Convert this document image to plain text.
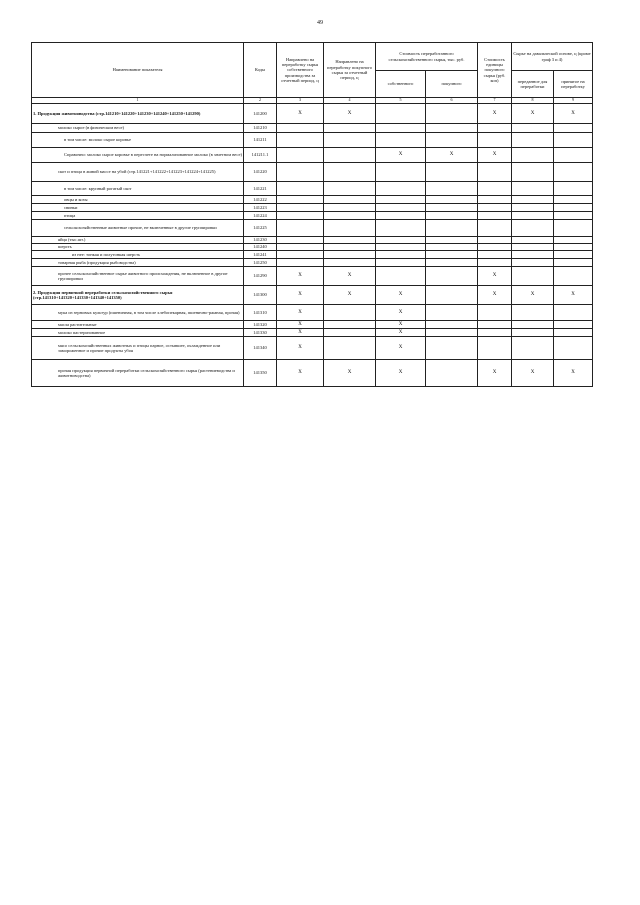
49
Наименование показателя	Коды	Направлено на переработку сырья собственного производства за отчетный период, ц	Направлено на переработку покупного сырья за отчетный период, ц	Стоимость переработанного сельскохозяйственного сырья, тыс. руб.		Стоимость единицы покупного сырья (руб. коп)	Сырье на давальческой основе, ц (кроме граф 3 и 4)	
				собственного	покупного		переданное для переработки	принятое на переработку
1	2	3	4	5	6	7	8	9
1. Продукция животноводства (стр.141210+141220+141230+141240+141250+141290)	141200	X	X			X	X	X
молоко сырое (в физическом весе)	141210							
в том числе: молоко сырое коровье	141211							
Справочно: молоко сырое коровье в пересчете на нормализованное молоко (в зачетном весе)	141211.1			X	X	X		
скот и птица в живой массе на убой (стр.141221+141222+141223+141224+141225)	141220							
в том числе: крупный рогатый скот	141221							
овцы и козы	141222							
свиньи	141223							
птица	141224							
сельскохозяйственные животные прочие, не включенные в другие группировки	141225							
яйца (тыс.шт.)	141230							
шерсть	141240							
из нее: тонкая и полутонкая шерсть	141241							
товарная рыба (продукция рыбоводства)	141250							
прочее сельскохозяйственное сырье животного происхождения, не включенное в другие группировки	141290	X	X			X		
2. Продукция первичной переработки сельскохозяйственного сырья (стр.141310+141320+141330+141340+141350)	141300	X	X	X		X	X	X
мука из зерновых культур (пшеничная, в том числе хлебопекарная, пшенично-ржаная, прочая)	141310	X		X				
масла растительные	141320	X		X				
молоко пастеризованное	141330	X		X				
мясо сельскохозяйственных животных и птицы парное, остывшее, охлажденное или замороженное и прочие продукты убоя	141340	X		X				
прочая продукция первичной переработки сельскохозяйственного сырья (растениеводства и животноводства)	141350	X	X	X		X	X	X
